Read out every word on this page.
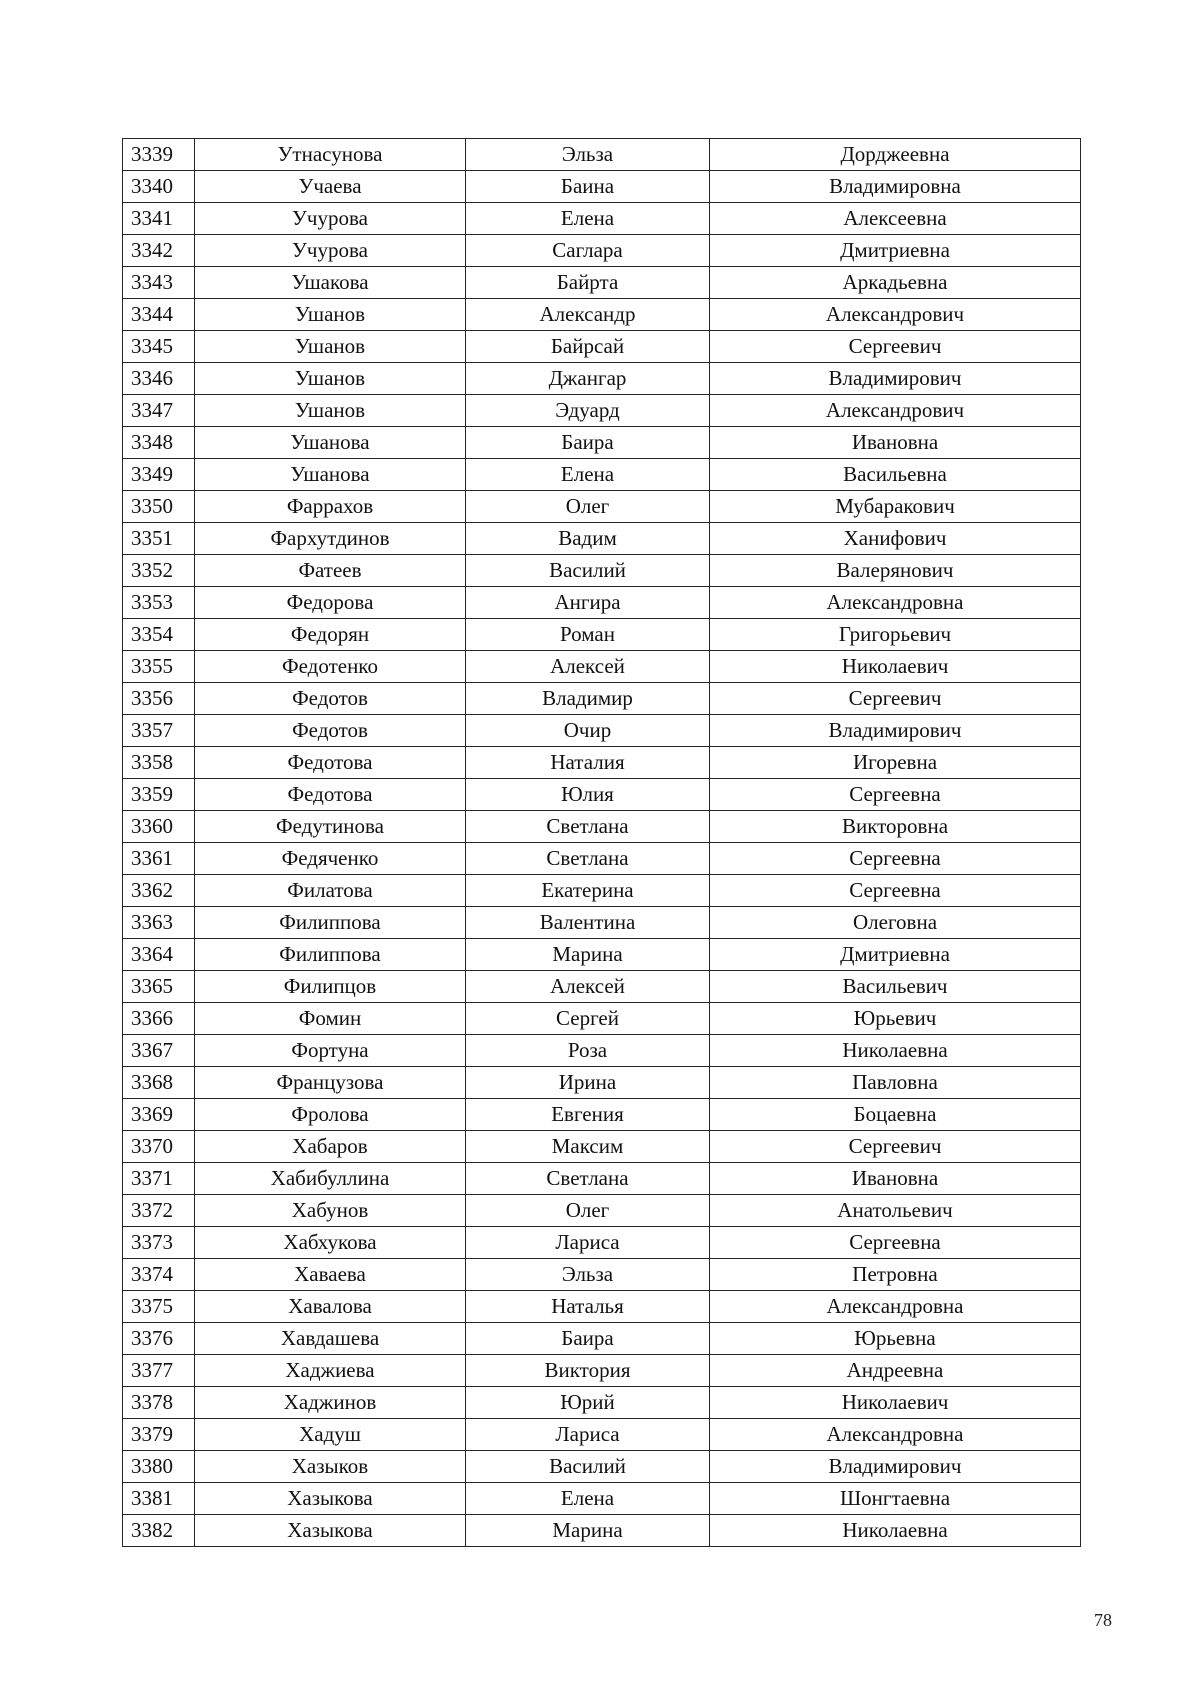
3339	Утнасунова	Эльза	Дорджеевна
3340	Учаева	Баина	Владимировна
3341	Учурова	Елена	Алексеевна
3342	Учурова	Саглара	Дмитриевна
3343	Ушакова	Байрта	Аркадьевна
3344	Ушанов	Александр	Александрович
3345	Ушанов	Байрсай	Сергеевич
3346	Ушанов	Джангар	Владимирович
3347	Ушанов	Эдуард	Александрович
3348	Ушанова	Баира	Ивановна
3349	Ушанова	Елена	Васильевна
3350	Фаррахов	Олег	Мубаракович
3351	Фархутдинов	Вадим	Ханифович
3352	Фатеев	Василий	Валерянович
3353	Федорова	Ангира	Александровна
3354	Федорян	Роман	Григорьевич
3355	Федотенко	Алексей	Николаевич
3356	Федотов	Владимир	Сергеевич
3357	Федотов	Очир	Владимирович
3358	Федотова	Наталия	Игоревна
3359	Федотова	Юлия	Сергеевна
3360	Федутинова	Светлана	Викторовна
3361	Федяченко	Светлана	Сергеевна
3362	Филатова	Екатерина	Сергеевна
3363	Филиппова	Валентина	Олеговна
3364	Филиппова	Марина	Дмитриевна
3365	Филипцов	Алексей	Васильевич
3366	Фомин	Сергей	Юрьевич
3367	Фортуна	Роза	Николаевна
3368	Французова	Ирина	Павловна
3369	Фролова	Евгения	Боцаевна
3370	Хабаров	Максим	Сергеевич
3371	Хабибуллина	Светлана	Ивановна
3372	Хабунов	Олег	Анатольевич
3373	Хабхукова	Лариса	Сергеевна
3374	Хаваева	Эльза	Петровна
3375	Хавалова	Наталья	Александровна
3376	Хавдашева	Баира	Юрьевна
3377	Хаджиева	Виктория	Андреевна
3378	Хаджинов	Юрий	Николаевич
3379	Хадуш	Лариса	Александровна
3380	Хазыков	Василий	Владимирович
3381	Хазыкова	Елена	Шонгтаевна
3382	Хазыкова	Марина	Николаевна
78
